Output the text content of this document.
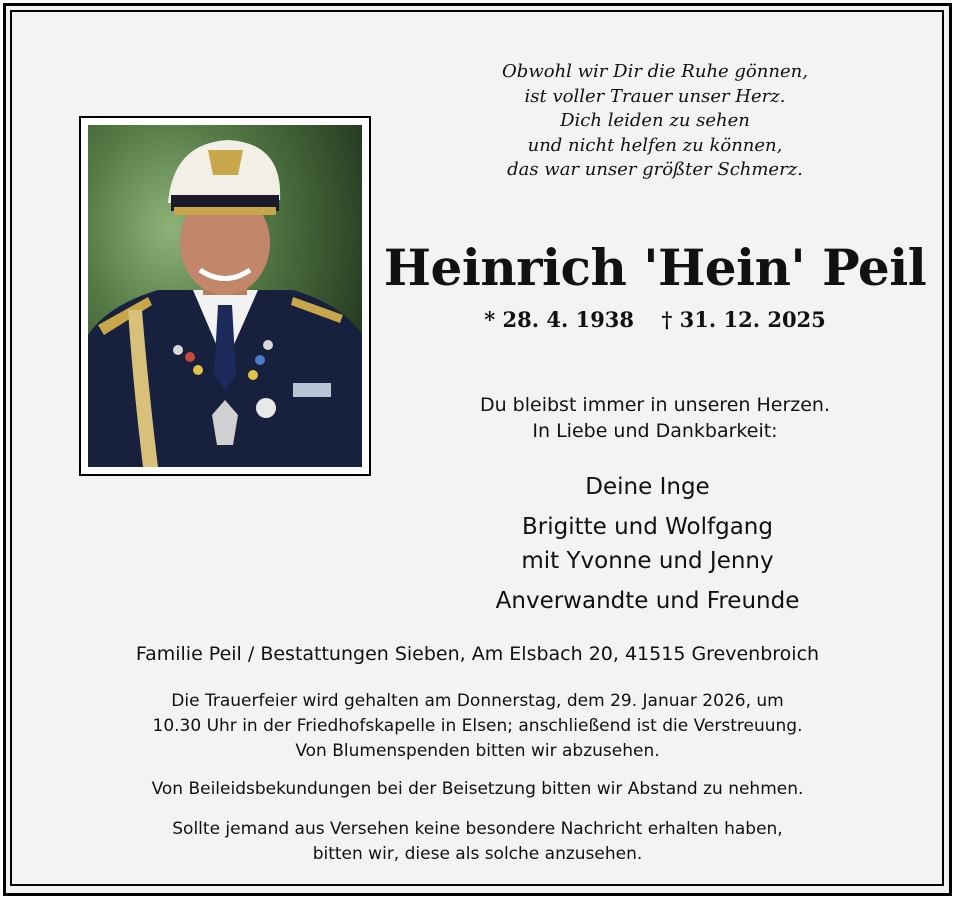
Obwohl wir Dir die Ruhe gönnen,
ist voller Trauer unser Herz.
Dich leiden zu sehen
und nicht helfen zu können,
das war unser größter Schmerz.
Heinrich 'Hein' Peil
* 28. 4. 1938 † 31. 12. 2025
Du bleibst immer in unseren Herzen.
In Liebe und Dankbarkeit:
Deine Inge
Brigitte und Wolfgang
mit Yvonne und Jenny
Anverwandte und Freunde
Familie Peil / Bestattungen Sieben, Am Elsbach 20, 41515 Grevenbroich
Die Trauerfeier wird gehalten am Donnerstag, dem 29. Januar 2026, um
10.30 Uhr in der Friedhofskapelle in Elsen; anschließend ist die Verstreuung.
Von Blumenspenden bitten wir abzusehen.
Von Beileidsbekundungen bei der Beisetzung bitten wir Abstand zu nehmen.
Sollte jemand aus Versehen keine besondere Nachricht erhalten haben,
bitten wir, diese als solche anzusehen.
